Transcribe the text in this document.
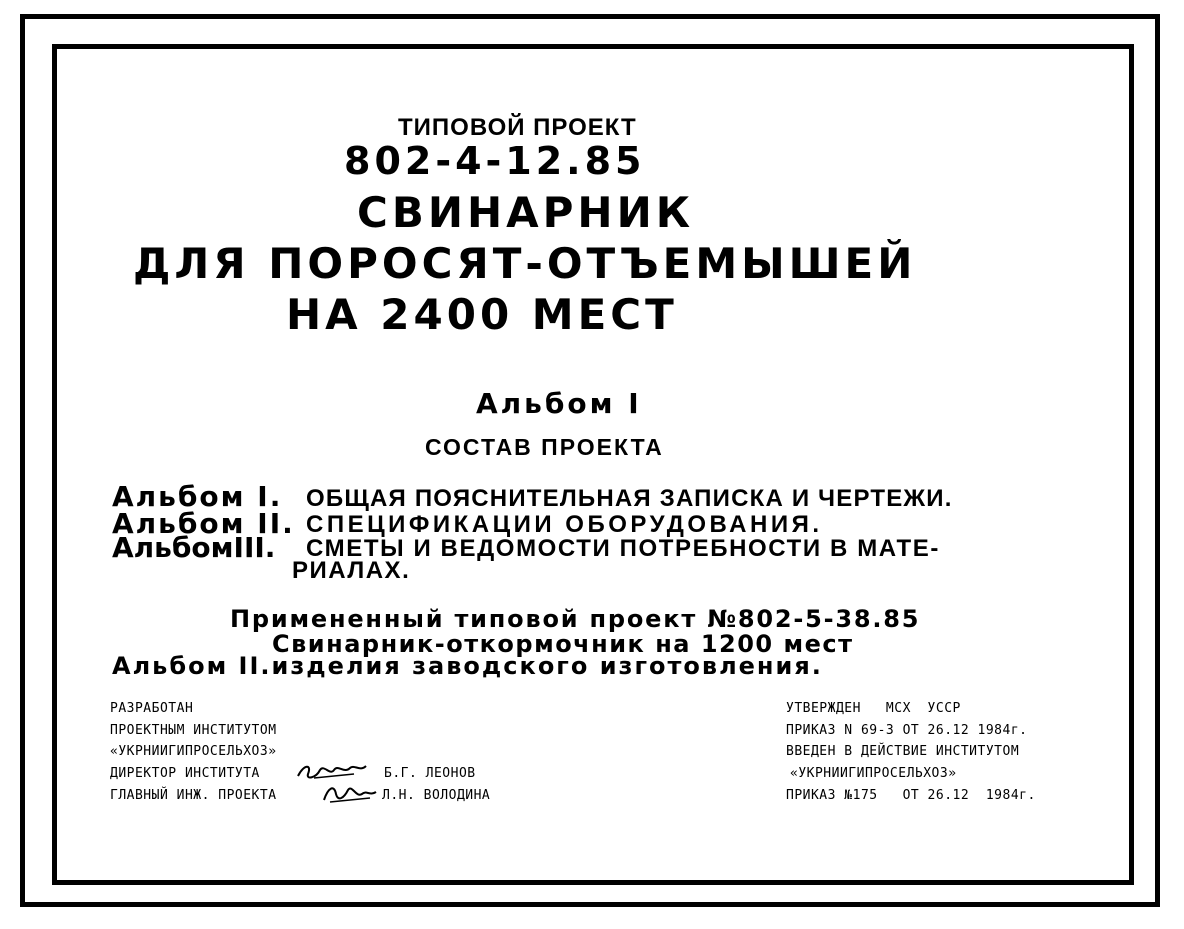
ТИПОВОЙ ПРОЕКТ
802-4-12.85
СВИНАРНИК
ДЛЯ ПОРОСЯТ-ОТЪЕМЫШЕЙ
НА 2400 МЕСТ
Альбом I
СОСТАВ ПРОЕКТА
Альбом I. ОБЩАЯ ПОЯСНИТЕЛЬНАЯ ЗАПИСКА И ЧЕРТЕЖИ.
Альбом II. СПЕЦИФИКАЦИИ ОБОРУДОВАНИЯ.
АльбомIII. СМЕТЫ И ВЕДОМОСТИ ПОТРЕБНОСТИ В МАТЕ-
РИАЛАХ.
Примененный типовой проект №802-5-38.85
Свинарник-откормочник на 1200 мест
Альбом II.изделия заводского изготовления.
РАЗРАБОТАН
ПРОЕКТНЫМ ИНСТИТУТОМ
«УКРНИИГИПРОСЕЛЬХОЗ»
ДИРЕКТОР ИНСТИТУТА	Б.Г. ЛЕОНОВ
ГЛАВНЫЙ ИНЖ. ПРОЕКТА	Л.Н. ВОЛОДИНА
УТВЕРЖДЕН   МСХ  УССР
ПРИКАЗ N 69-3 ОТ 26.12 1984г.
ВВЕДЕН В ДЕЙСТВИЕ ИНСТИТУТОМ
«УКРНИИГИПРОСЕЛЬХОЗ»
ПРИКАЗ №175   ОТ 26.12  1984г.
